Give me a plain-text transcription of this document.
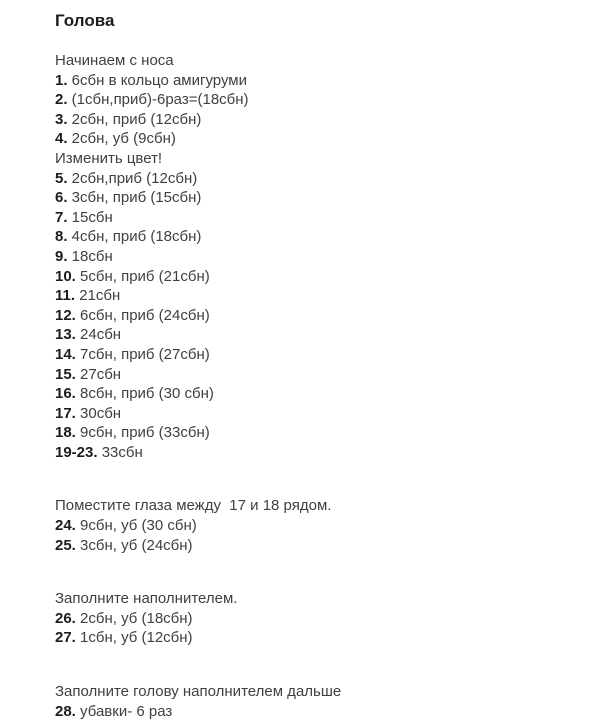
Голова
Начинаем с носа
1. 6сбн в кольцо амигуруми
2. (1сбн,приб)-6раз=(18сбн)
3. 2сбн, приб (12сбн)
4. 2сбн, уб (9сбн)
Изменить цвет!
5. 2сбн,приб (12сбн)
6. 3сбн, приб (15сбн)
7. 15сбн
8. 4сбн, приб (18сбн)
9. 18сбн
10. 5сбн, приб (21сбн)
11. 21сбн
12. 6сбн, приб (24сбн)
13. 24сбн
14. 7сбн, приб (27сбн)
15. 27сбн
16. 8сбн, приб (30 сбн)
17. 30сбн
18. 9сбн, приб (33сбн)
19-23. 33сбн
Поместите глаза между  17 и 18 рядом.
24. 9сбн, уб (30 сбн)
25. 3сбн, уб (24сбн)
Заполните наполнителем.
26. 2сбн, уб (18сбн)
27. 1сбн, уб (12сбн)
Заполните голову наполнителем дальше
28. убавки- 6 раз
